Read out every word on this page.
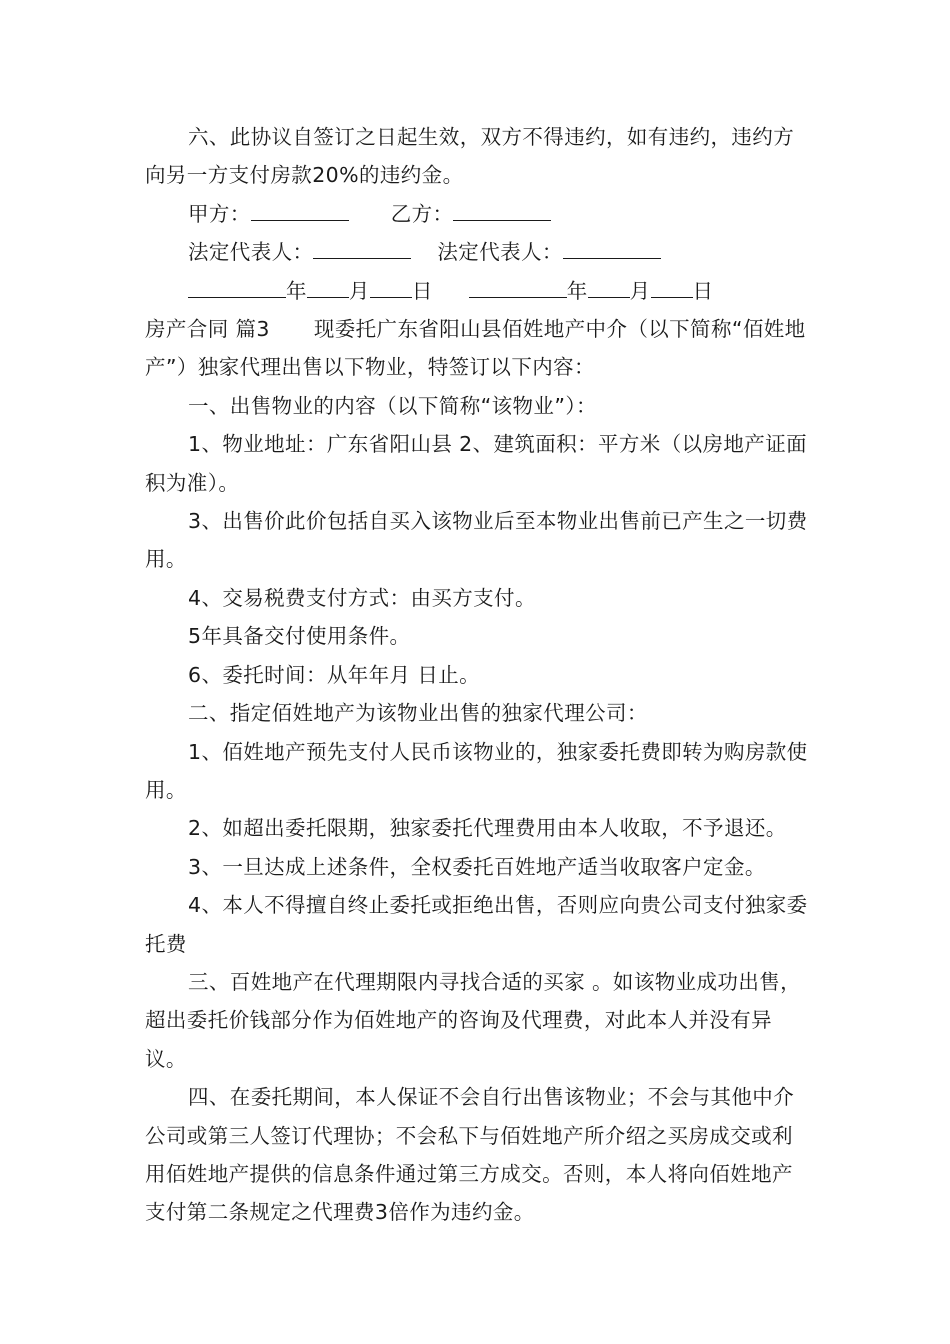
六、此协议自签订之日起生效，双方不得违约，如有违约，违约方向另一方支付房款20%的违约金。

甲方：	乙方：

法定代表人：	法定代表人：

年 月 日	年 月 日

房产合同 篇3 现委托广东省阳山县佰姓地产中介（以下简称“佰姓地产”）独家代理出售以下物业，特签订以下内容：

一、出售物业的内容（以下简称“该物业”）：

1、物业地址：广东省阳山县 2、建筑面积：平方米（以房地产证面积为准）。

3、出售价此价包括自买入该物业后至本物业出售前已产生之一切费用。

4、交易税费支付方式：由买方支付。

5年具备交付使用条件。

6、委托时间：从年年月 日止。

二、指定佰姓地产为该物业出售的独家代理公司：

1、佰姓地产预先支付人民币该物业的，独家委托费即转为购房款使用。

2、如超出委托限期，独家委托代理费用由本人收取，不予退还。

3、一旦达成上述条件，全权委托百姓地产适当收取客户定金。

4、本人不得擅自终止委托或拒绝出售，否则应向贵公司支付独家委托费

三、百姓地产在代理期限内寻找合适的买家 。如该物业成功出售，超出委托价钱部分作为佰姓地产的咨询及代理费，对此本人并没有异议。

四、在委托期间，本人保证不会自行出售该物业；不会与其他中介公司或第三人签订代理协；不会私下与佰姓地产所介绍之买房成交或利用佰姓地产提供的信息条件通过第三方成交。否则，本人将向佰姓地产支付第二条规定之代理费3倍作为违约金。
